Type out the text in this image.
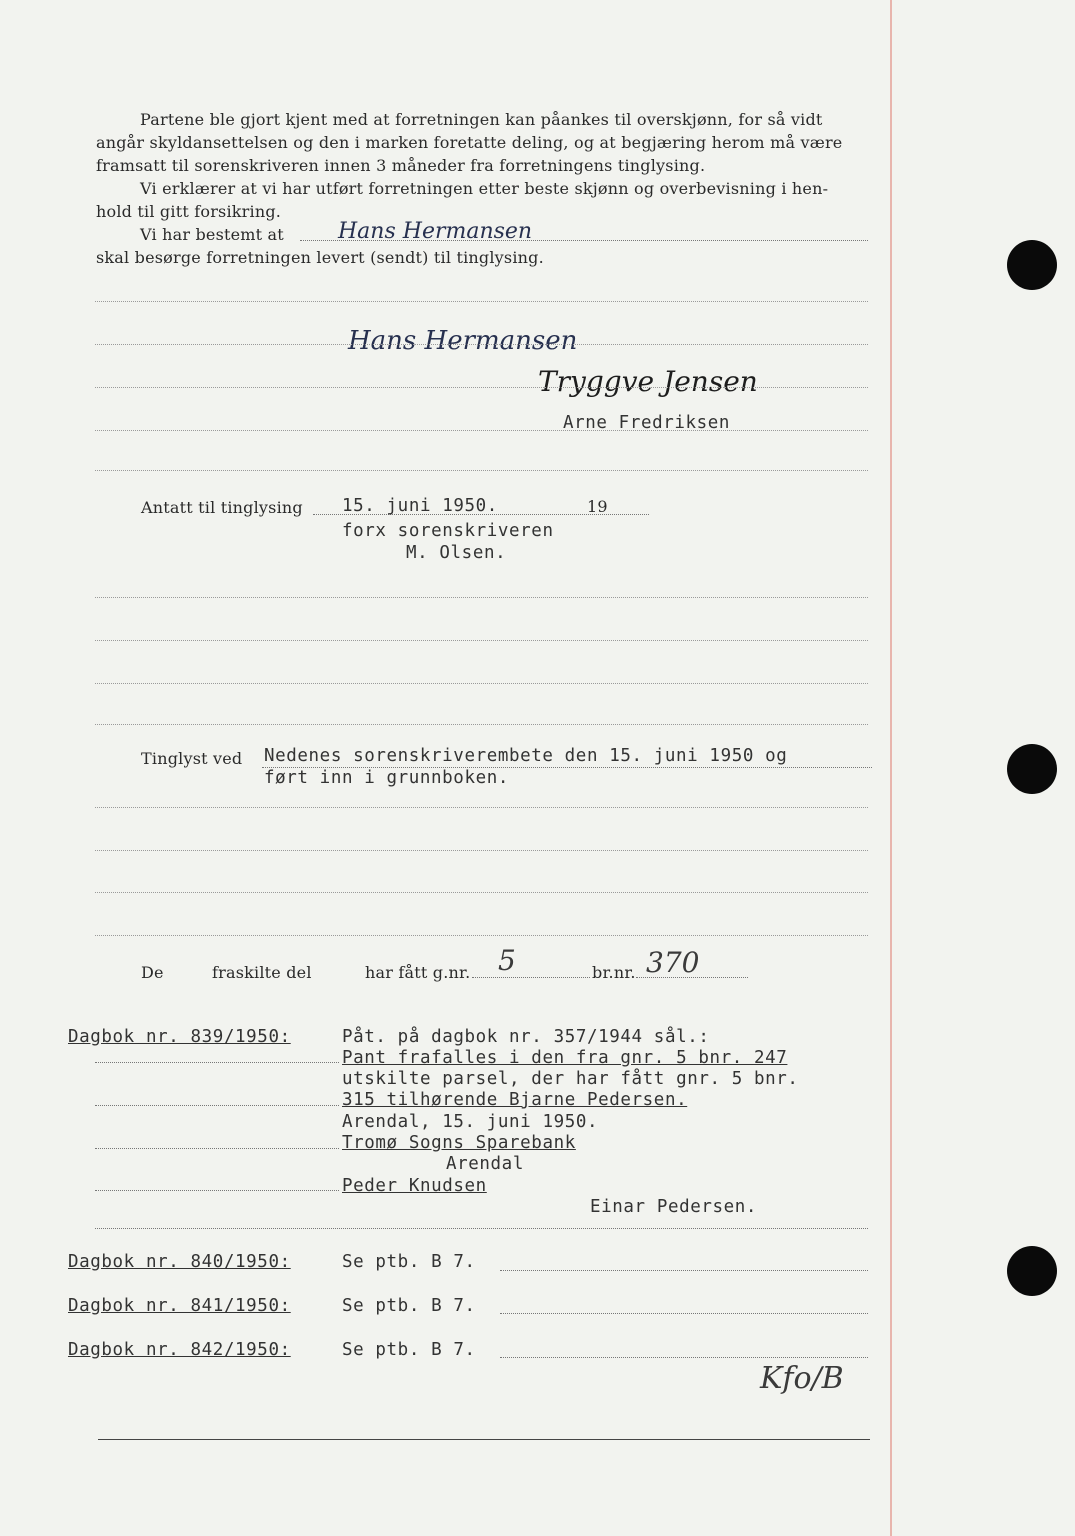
Partene ble gjort kjent med at forretningen kan påankes til overskjønn, for så vidt
angår skyldansettelsen og den i marken foretatte deling, og at begjæring herom må være
framsatt til sorenskriveren innen 3 måneder fra forretningens tinglysing.
Vi erklærer at vi har utført forretningen etter beste skjønn og overbevisning i hen-
hold til gitt forsikring.
Vi har bestemt at
skal besørge forretningen levert (sendt) til tinglysing.
Hans Hermansen
Hans Hermansen
Tryggve Jensen
Arne Fredriksen
Antatt til tinglysing 15. juni 1950.	19
forx sorenskriveren
M. Olsen.
Tinglyst ved Nedenes sorenskriverembete den 15. juni 1950 og
ført inn i grunnboken.
De	fraskilte del	har fått g.nr. 5	br.nr. 370
Dagbok nr. 839/1950:	Påt. på dagbok nr. 357/1944 sål.:
Pant frafalles i den fra gnr. 5 bnr. 247
utskilte parsel, der har fått gnr. 5 bnr.
315 tilhørende Bjarne Pedersen.
Arendal, 15. juni 1950.
Tromø Sogns Sparebank
Arendal
Peder Knudsen
Einar Pedersen.
Dagbok nr. 840/1950:	Se ptb. B 7.
Dagbok nr. 841/1950:	Se ptb. B 7.
Dagbok nr. 842/1950:	Se ptb. B 7.
Kfo/B
